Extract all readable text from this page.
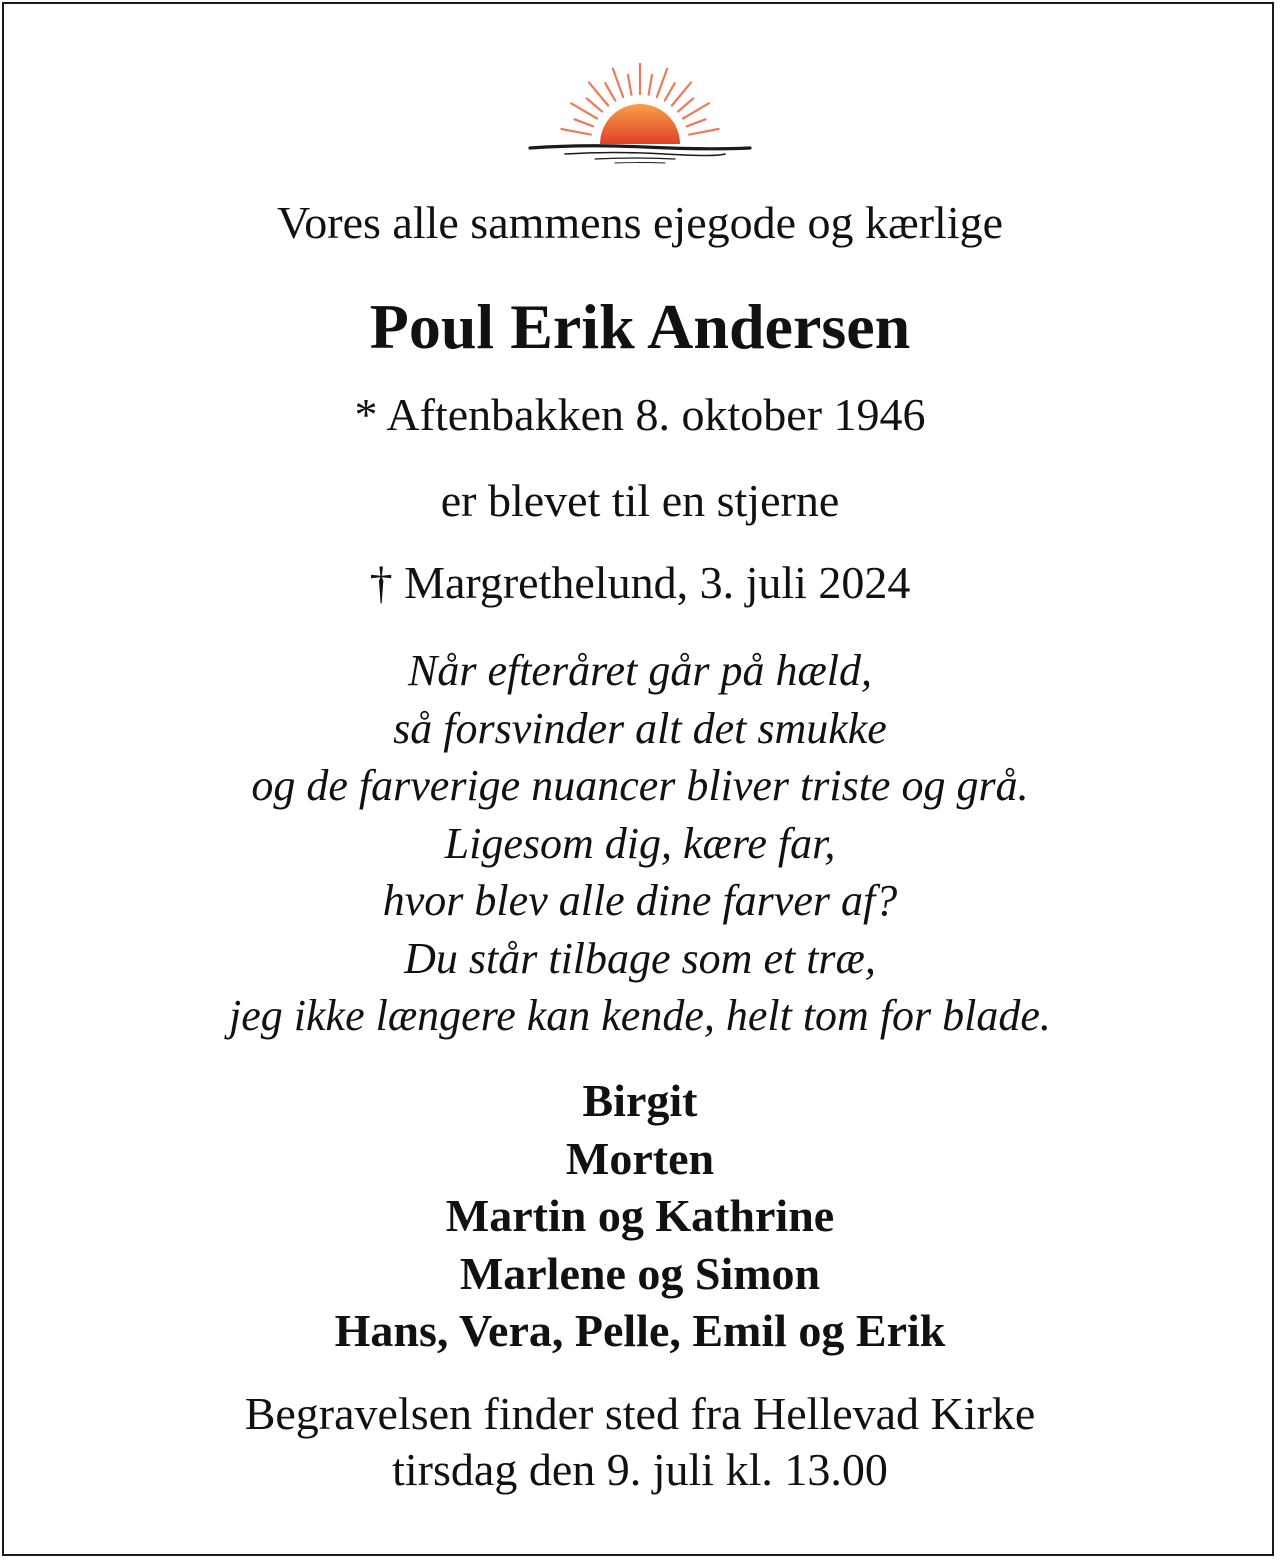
Vores alle sammens ejegode og kærlige
Poul Erik Andersen
* Aftenbakken 8. oktober 1946
er blevet til en stjerne
† Margrethelund, 3. juli 2024
Når efteråret går på hæld,
så forsvinder alt det smukke
og de farverige nuancer bliver triste og grå.
Ligesom dig, kære far,
hvor blev alle dine farver af?
Du står tilbage som et træ,
jeg ikke længere kan kende, helt tom for blade.
Birgit
Morten
Martin og Kathrine
Marlene og Simon
Hans, Vera, Pelle, Emil og Erik
Begravelsen finder sted fra Hellevad Kirke
tirsdag den 9. juli kl. 13.00
